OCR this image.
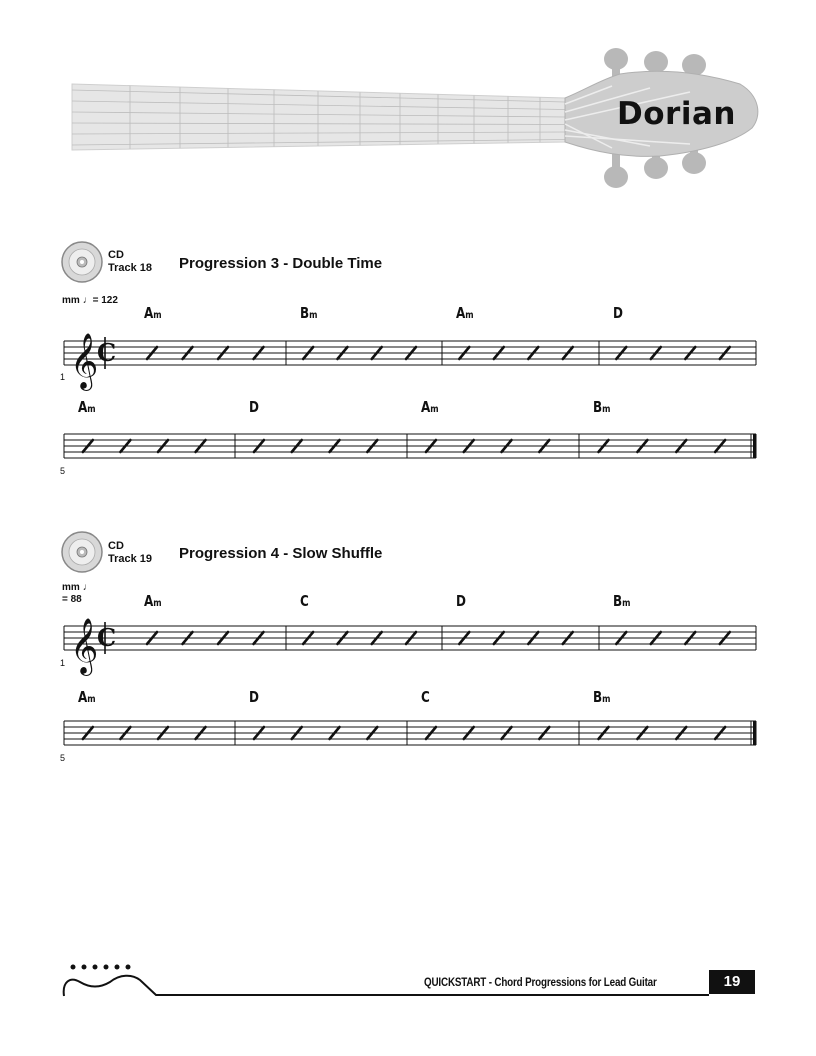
Dorian
CD
Track 18 Progression 3 - Double Time
mm ♩= 122
CD
Track 19 Progression 4 - Slow Shuffle
mm ♩
= 88
𝄞
C
𝄞
C
Am	Bm	Am	D
1
Am	D	Am	Bm
5
Am	C	D	Bm
1
Am	D	C	Bm
5
QUICKSTART - Chord Progressions for Lead Guitar	19
